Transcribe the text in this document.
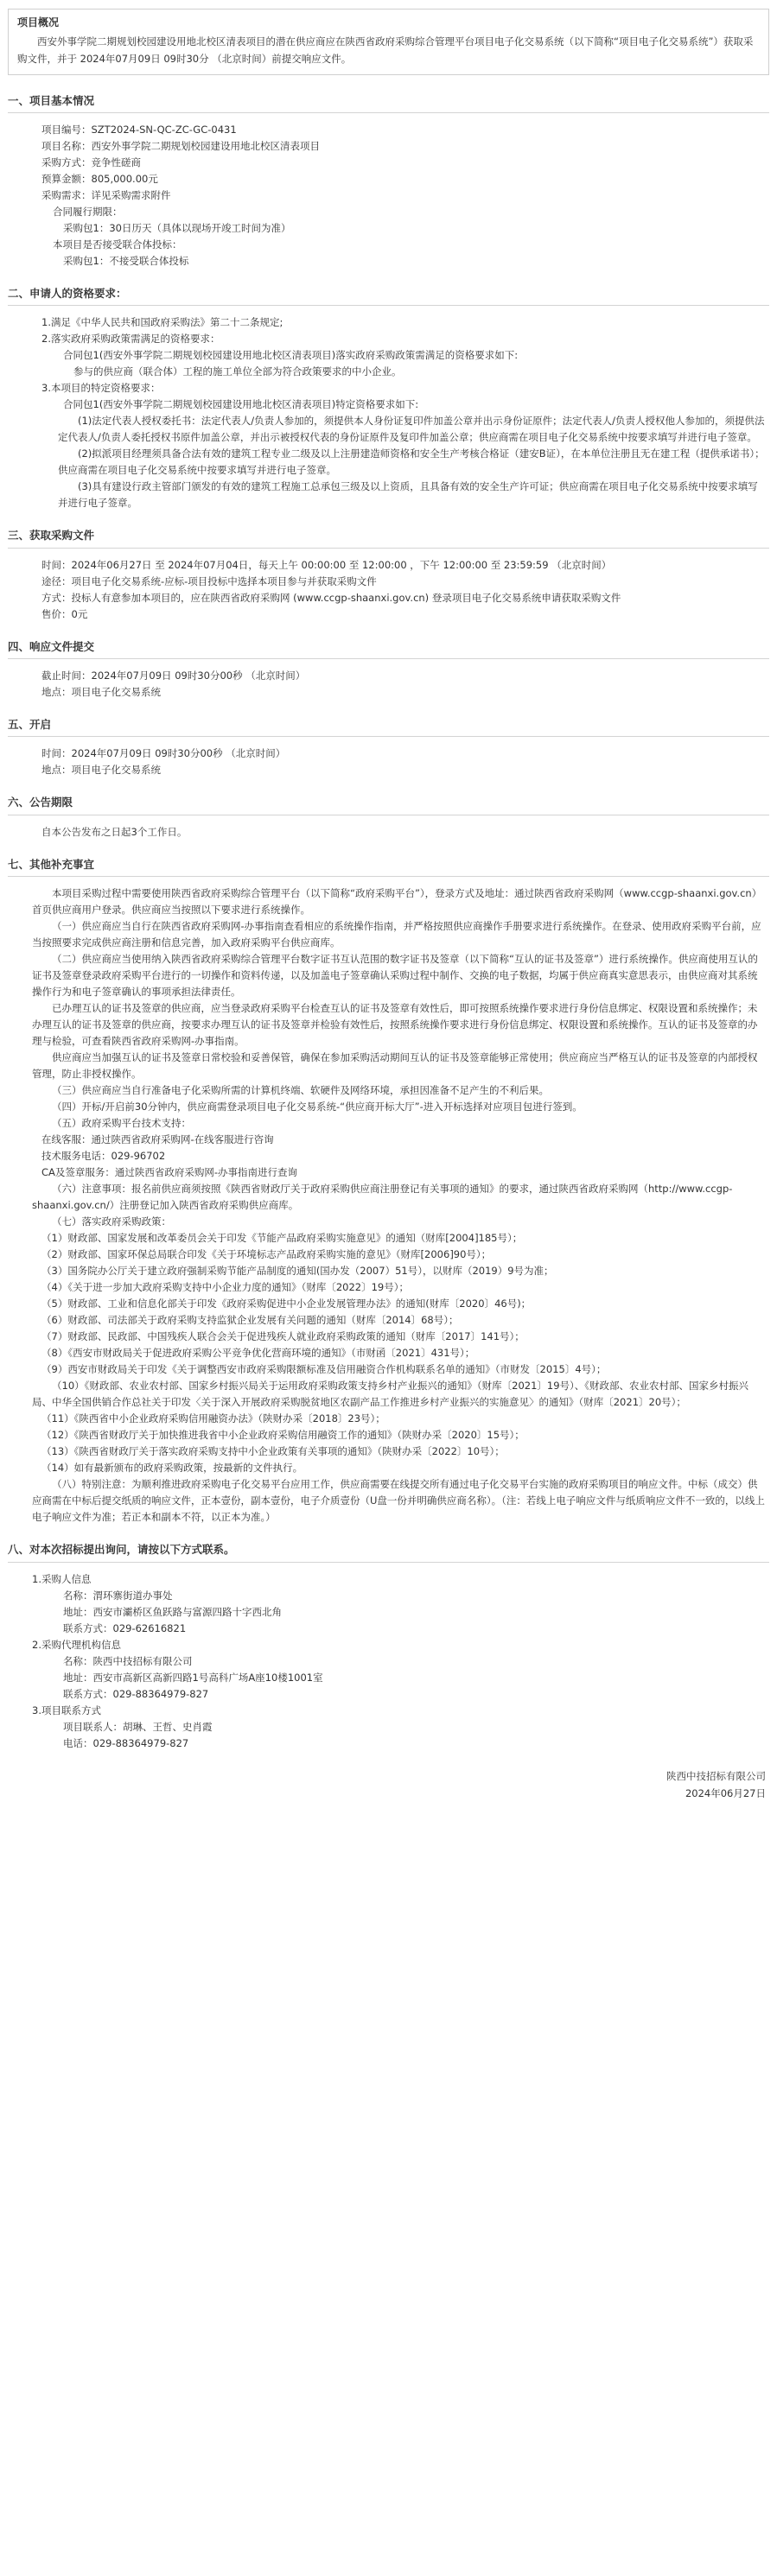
项目概况
西安外事学院二期规划校园建设用地北校区清表项目的潜在供应商应在陕西省政府采购综合管理平台项目电子化交易系统（以下简称“项目电子化交易系统”）获取采购文件，并于 2024年07月09日 09时30分 （北京时间）前提交响应文件。
一、项目基本情况
项目编号：SZT2024-SN-QC-ZC-GC-0431
项目名称：西安外事学院二期规划校园建设用地北校区清表项目
采购方式：竞争性磋商
预算金额：805,000.00元
采购需求：详见采购需求附件
合同履行期限：
采购包1：30日历天（具体以现场开竣工时间为准）
本项目是否接受联合体投标：
采购包1：不接受联合体投标
二、申请人的资格要求：
1.满足《中华人民共和国政府采购法》第二十二条规定;
2.落实政府采购政策需满足的资格要求：
合同包1(西安外事学院二期规划校园建设用地北校区清表项目)落实政府采购政策需满足的资格要求如下:
参与的供应商（联合体）工程的施工单位全部为符合政策要求的中小企业。
3.本项目的特定资格要求：
合同包1(西安外事学院二期规划校园建设用地北校区清表项目)特定资格要求如下:
(1)法定代表人授权委托书：法定代表人/负责人参加的，须提供本人身份证复印件加盖公章并出示身份证原件；法定代表人/负责人授权他人参加的，须提供法定代表人/负责人委托授权书原件加盖公章，并出示被授权代表的身份证原件及复印件加盖公章；供应商需在项目电子化交易系统中按要求填写并进行电子签章。
(2)拟派项目经理须具备合法有效的建筑工程专业二级及以上注册建造师资格和安全生产考核合格证（建安B证），在本单位注册且无在建工程（提供承诺书）；供应商需在项目电子化交易系统中按要求填写并进行电子签章。
(3)具有建设行政主管部门颁发的有效的建筑工程施工总承包三级及以上资质，且具备有效的安全生产许可证；供应商需在项目电子化交易系统中按要求填写并进行电子签章。
三、获取采购文件
时间：2024年06月27日 至 2024年07月04日，每天上午 00:00:00 至 12:00:00 ，下午 12:00:00 至 23:59:59 （北京时间）
途径：项目电子化交易系统-应标-项目投标中选择本项目参与并获取采购文件
方式：投标人有意参加本项目的，应在陕西省政府采购网 (www.ccgp-shaanxi.gov.cn) 登录项目电子化交易系统申请获取采购文件
售价：0元
四、响应文件提交
截止时间：2024年07月09日 09时30分00秒 （北京时间）
地点：项目电子化交易系统
五、开启
时间：2024年07月09日 09时30分00秒 （北京时间）
地点：项目电子化交易系统
六、公告期限
自本公告发布之日起3个工作日。
七、其他补充事宜
本项目采购过程中需要使用陕西省政府采购综合管理平台（以下简称“政府采购平台”），登录方式及地址：通过陕西省政府采购网（www.ccgp-shaanxi.gov.cn）首页供应商用户登录。供应商应当按照以下要求进行系统操作。
（一）供应商应当自行在陕西省政府采购网-办事指南查看相应的系统操作指南，并严格按照供应商操作手册要求进行系统操作。在登录、使用政府采购平台前，应当按照要求完成供应商注册和信息完善，加入政府采购平台供应商库。
（二）供应商应当使用纳入陕西省政府采购综合管理平台数字证书互认范围的数字证书及签章（以下简称“互认的证书及签章”）进行系统操作。供应商使用互认的证书及签章登录政府采购平台进行的一切操作和资料传递，以及加盖电子签章确认采购过程中制作、交换的电子数据，均属于供应商真实意思表示，由供应商对其系统操作行为和电子签章确认的事项承担法律责任。
已办理互认的证书及签章的供应商，应当登录政府采购平台检查互认的证书及签章有效性后，即可按照系统操作要求进行身份信息绑定、权限设置和系统操作；未办理互认的证书及签章的供应商，按要求办理互认的证书及签章并检验有效性后，按照系统操作要求进行身份信息绑定、权限设置和系统操作。互认的证书及签章的办理与检验，可查看陕西省政府采购网-办事指南。
供应商应当加强互认的证书及签章日常校验和妥善保管，确保在参加采购活动期间互认的证书及签章能够正常使用；供应商应当严格互认的证书及签章的内部授权管理，防止非授权操作。
（三）供应商应当自行准备电子化采购所需的计算机终端、软硬件及网络环境，承担因准备不足产生的不利后果。
（四）开标/开启前30分钟内，供应商需登录项目电子化交易系统-“供应商开标大厅”-进入开标选择对应项目包进行签到。
（五）政府采购平台技术支持：
在线客服：通过陕西省政府采购网-在线客服进行咨询
技术服务电话：029-96702
CA及签章服务：通过陕西省政府采购网-办事指南进行查询
（六）注意事项：报名前供应商须按照《陕西省财政厅关于政府采购供应商注册登记有关事项的通知》的要求，通过陕西省政府采购网（http://www.ccgp-shaanxi.gov.cn/）注册登记加入陕西省政府采购供应商库。
（七）落实政府采购政策：
（1）财政部、国家发展和改革委员会关于印发《节能产品政府采购实施意见》的通知（财库[2004]185号）；
（2）财政部、国家环保总局联合印发《关于环境标志产品政府采购实施的意见》（财库[2006]90号）；
（3）国务院办公厅关于建立政府强制采购节能产品制度的通知(国办发（2007）51号），以财库（2019）9号为准；
（4）《关于进一步加大政府采购支持中小企业力度的通知》（财库〔2022〕19号）；
（5）财政部、工业和信息化部关于印发《政府采购促进中小企业发展管理办法》的通知(财库〔2020〕46号)；
（6）财政部、司法部关于政府采购支持监狱企业发展有关问题的通知（财库〔2014〕68号）；
（7）财政部、民政部、中国残疾人联合会关于促进残疾人就业政府采购政策的通知（财库〔2017〕141号）；
（8）《西安市财政局关于促进政府采购公平竞争优化营商环境的通知》（市财函〔2021〕431号）；
（9）西安市财政局关于印发《关于调整西安市政府采购限额标准及信用融资合作机构联系名单的通知》（市财发〔2015〕4号）；
（10）《财政部、农业农村部、国家乡村振兴局关于运用政府采购政策支持乡村产业振兴的通知》（财库〔2021〕19号）、《财政部、农业农村部、国家乡村振兴局、中华全国供销合作总社关于印发〈关于深入开展政府采购脱贫地区农副产品工作推进乡村产业振兴的实施意见〉的通知》（财库〔2021〕20号）；
（11）《陕西省中小企业政府采购信用融资办法》（陕财办采〔2018〕23号）；
（12）《陕西省财政厅关于加快推进我省中小企业政府采购信用融资工作的通知》（陕财办采〔2020〕15号）；
（13）《陕西省财政厅关于落实政府采购支持中小企业政策有关事项的通知》（陕财办采〔2022〕10号）；
（14）如有最新颁布的政府采购政策，按最新的文件执行。
（八）特别注意：为顺利推进政府采购电子化交易平台应用工作，供应商需要在线提交所有通过电子化交易平台实施的政府采购项目的响应文件。中标（成交）供应商需在中标后提交纸质的响应文件，正本壹份，副本壹份，电子介质壹份（U盘一份并明确供应商名称）。（注：若线上电子响应文件与纸质响应文件不一致的，以线上电子响应文件为准；若正本和副本不符，以正本为准。）
八、对本次招标提出询问，请按以下方式联系。
1.采购人信息
名称：渭环寨街道办事处
地址：西安市灞桥区鱼跃路与富源四路十字西北角
联系方式：029-62616821
2.采购代理机构信息
名称：陕西中技招标有限公司
地址：西安市高新区高新四路1号高科广场A座10楼1001室
联系方式：029-88364979-827
3.项目联系方式
项目联系人：胡琳、王哲、史肖霞
电话：029-88364979-827
陕西中技招标有限公司
2024年06月27日
